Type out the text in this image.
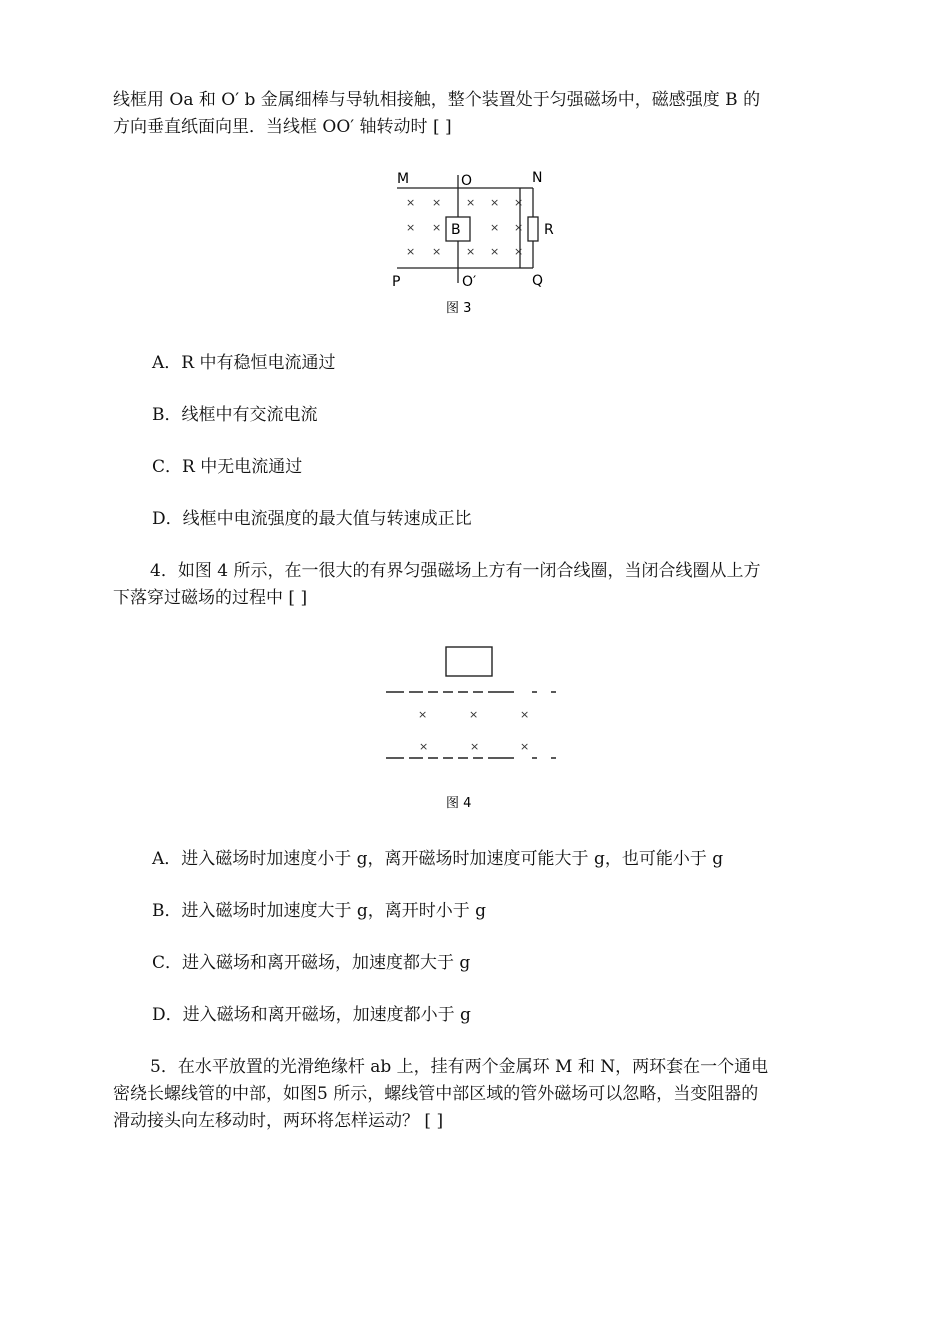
线框用 Oa 和 O′ b 金属细棒与导轨相接触，整个装置处于匀强磁场中，磁感强度 B 的

方向垂直纸面向里．当线框 OO′ 轴转动时 [ ]

M	O	N
B	R
P	O′	Q
× × × × ×
× ×	× ×
× × × × ×
图 3

A．R 中有稳恒电流通过

B．线框中有交流电流

C．R 中无电流通过

D．线框中电流强度的最大值与转速成正比

4．如图 4 所示，在一很大的有界匀强磁场上方有一闭合线圈，当闭合线圈从上方

下落穿过磁场的过程中 [ ]

×	×	×
×	×	×
图 4

A．进入磁场时加速度小于 g，离开磁场时加速度可能大于 g，也可能小于 g

B．进入磁场时加速度大于 g，离开时小于 g

C．进入磁场和离开磁场，加速度都大于 g

D．进入磁场和离开磁场，加速度都小于 g

5．在水平放置的光滑绝缘杆 ab 上，挂有两个金属环 M 和 N，两环套在一个通电

密绕长螺线管的中部，如图5 所示，螺线管中部区域的管外磁场可以忽略，当变阻器的

滑动接头向左移动时，两环将怎样运动？ [ ]
